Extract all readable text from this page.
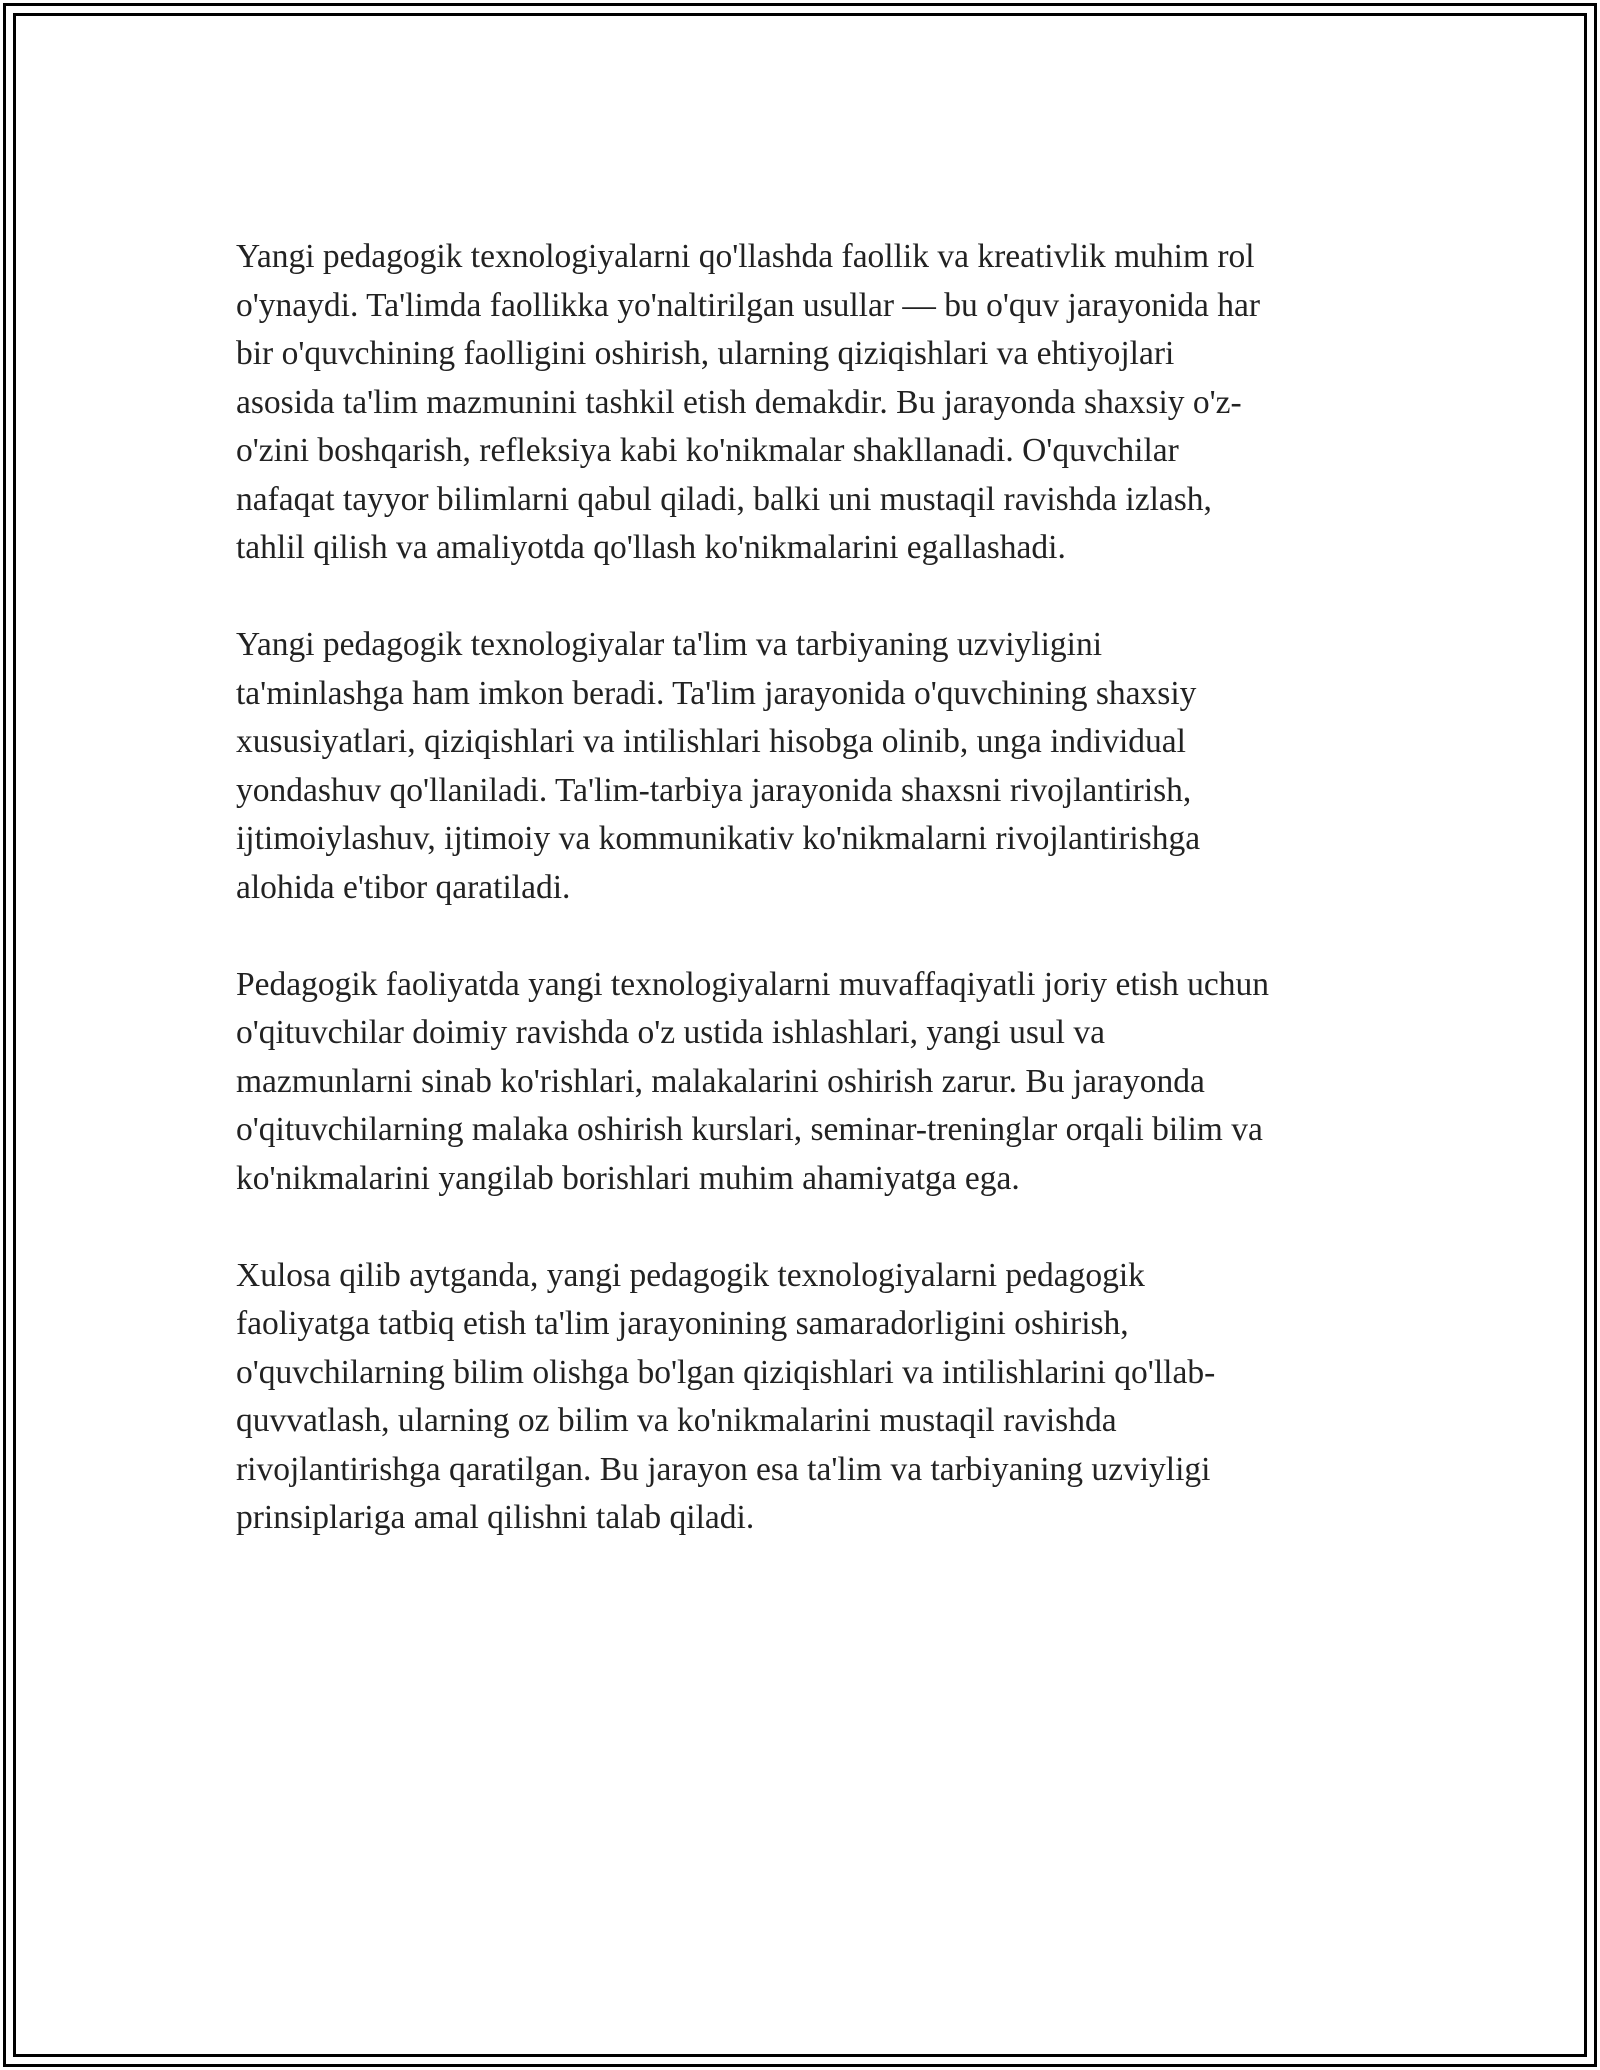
Yangi pedagogik texnologiyalarni qo'llashda faollik va kreativlik muhim rol
o'ynaydi. Ta'limda faollikka yo'naltirilgan usullar — bu o'quv jarayonida har
bir o'quvchining faolligini oshirish, ularning qiziqishlari va ehtiyojlari
asosida ta'lim mazmunini tashkil etish demakdir. Bu jarayonda shaxsiy o'z-
o'zini boshqarish, refleksiya kabi ko'nikmalar shakllanadi. O'quvchilar
nafaqat tayyor bilimlarni qabul qiladi, balki uni mustaqil ravishda izlash,
tahlil qilish va amaliyotda qo'llash ko'nikmalarini egallashadi.

Yangi pedagogik texnologiyalar ta'lim va tarbiyaning uzviyligini
ta'minlashga ham imkon beradi. Ta'lim jarayonida o'quvchining shaxsiy
xususiyatlari, qiziqishlari va intilishlari hisobga olinib, unga individual
yondashuv qo'llaniladi. Ta'lim-tarbiya jarayonida shaxsni rivojlantirish,
ijtimoiylashuv, ijtimoiy va kommunikativ ko'nikmalarni rivojlantirishga
alohida e'tibor qaratiladi.

Pedagogik faoliyatda yangi texnologiyalarni muvaffaqiyatli joriy etish uchun
o'qituvchilar doimiy ravishda o'z ustida ishlashlari, yangi usul va
mazmunlarni sinab ko'rishlari, malakalarini oshirish zarur. Bu jarayonda
o'qituvchilarning malaka oshirish kurslari, seminar-treninglar orqali bilim va
ko'nikmalarini yangilab borishlari muhim ahamiyatga ega.

Xulosa qilib aytganda, yangi pedagogik texnologiyalarni pedagogik
faoliyatga tatbiq etish ta'lim jarayonining samaradorligini oshirish,
o'quvchilarning bilim olishga bo'lgan qiziqishlari va intilishlarini qo'llab-
quvvatlash, ularning oz bilim va ko'nikmalarini mustaqil ravishda
rivojlantirishga qaratilgan. Bu jarayon esa ta'lim va tarbiyaning uzviyligi
prinsiplariga amal qilishni talab qiladi.
